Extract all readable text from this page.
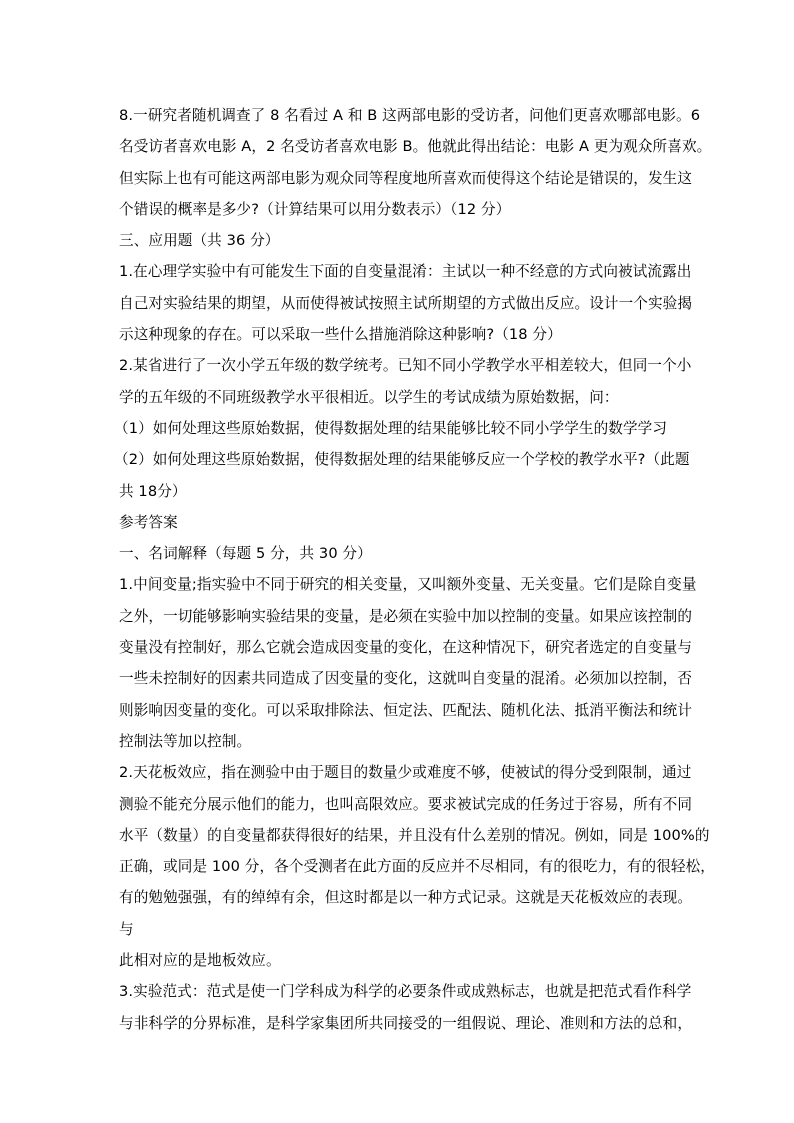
8.一研究者随机调查了 8 名看过 A 和 B 这两部电影的受访者，问他们更喜欢哪部电影。6
名受访者喜欢电影 A，2 名受访者喜欢电影 B。他就此得出结论：电影 A 更为观众所喜欢。
但实际上也有可能这两部电影为观众同等程度地所喜欢而使得这个结论是错误的，发生这
个错误的概率是多少?（计算结果可以用分数表示）（12 分）
三、应用题（共 36 分）
1.在心理学实验中有可能发生下面的自变量混淆：主试以一种不经意的方式向被试流露出
自己对实验结果的期望，从而使得被试按照主试所期望的方式做出反应。设计一个实验揭
示这种现象的存在。可以采取一些什么措施消除这种影响?（18 分）
2.某省进行了一次小学五年级的数学统考。已知不同小学教学水平相差较大，但同一个小
学的五年级的不同班级教学水平很相近。以学生的考试成绩为原始数据，问：
（1）如何处理这些原始数据，使得数据处理的结果能够比较不同小学学生的数学学习
（2）如何处理这些原始数据，使得数据处理的结果能够反应一个学校的教学水平?（此题
共 18分）
参考答案
一、名词解释（每题 5 分，共 30 分）
1.中间变量;指实验中不同于研究的相关变量，又叫额外变量、无关变量。它们是除自变量
之外，一切能够影响实验结果的变量，是必须在实验中加以控制的变量。如果应该控制的
变量没有控制好，那么它就会造成因变量的变化，在这种情况下，研究者选定的自变量与
一些未控制好的因素共同造成了因变量的变化，这就叫自变量的混淆。必须加以控制，否
则影响因变量的变化。可以采取排除法、恒定法、匹配法、随机化法、抵消平衡法和统计
控制法等加以控制。
2.天花板效应，指在测验中由于题目的数量少或难度不够，使被试的得分受到限制，通过
测验不能充分展示他们的能力，也叫高限效应。要求被试完成的任务过于容易，所有不同
水平（数量）的自变量都获得很好的结果，并且没有什么差别的情况。例如，同是 100%的
正确，或同是 100 分，各个受测者在此方面的反应并不尽相同，有的很吃力，有的很轻松，
有的勉勉强强，有的绰绰有余，但这时都是以一种方式记录。这就是天花板效应的表现。
与
此相对应的是地板效应。
3.实验范式：范式是使一门学科成为科学的必要条件或成熟标志，也就是把范式看作科学
与非科学的分界标准，是科学家集团所共同接受的一组假说、理论、准则和方法的总和，
